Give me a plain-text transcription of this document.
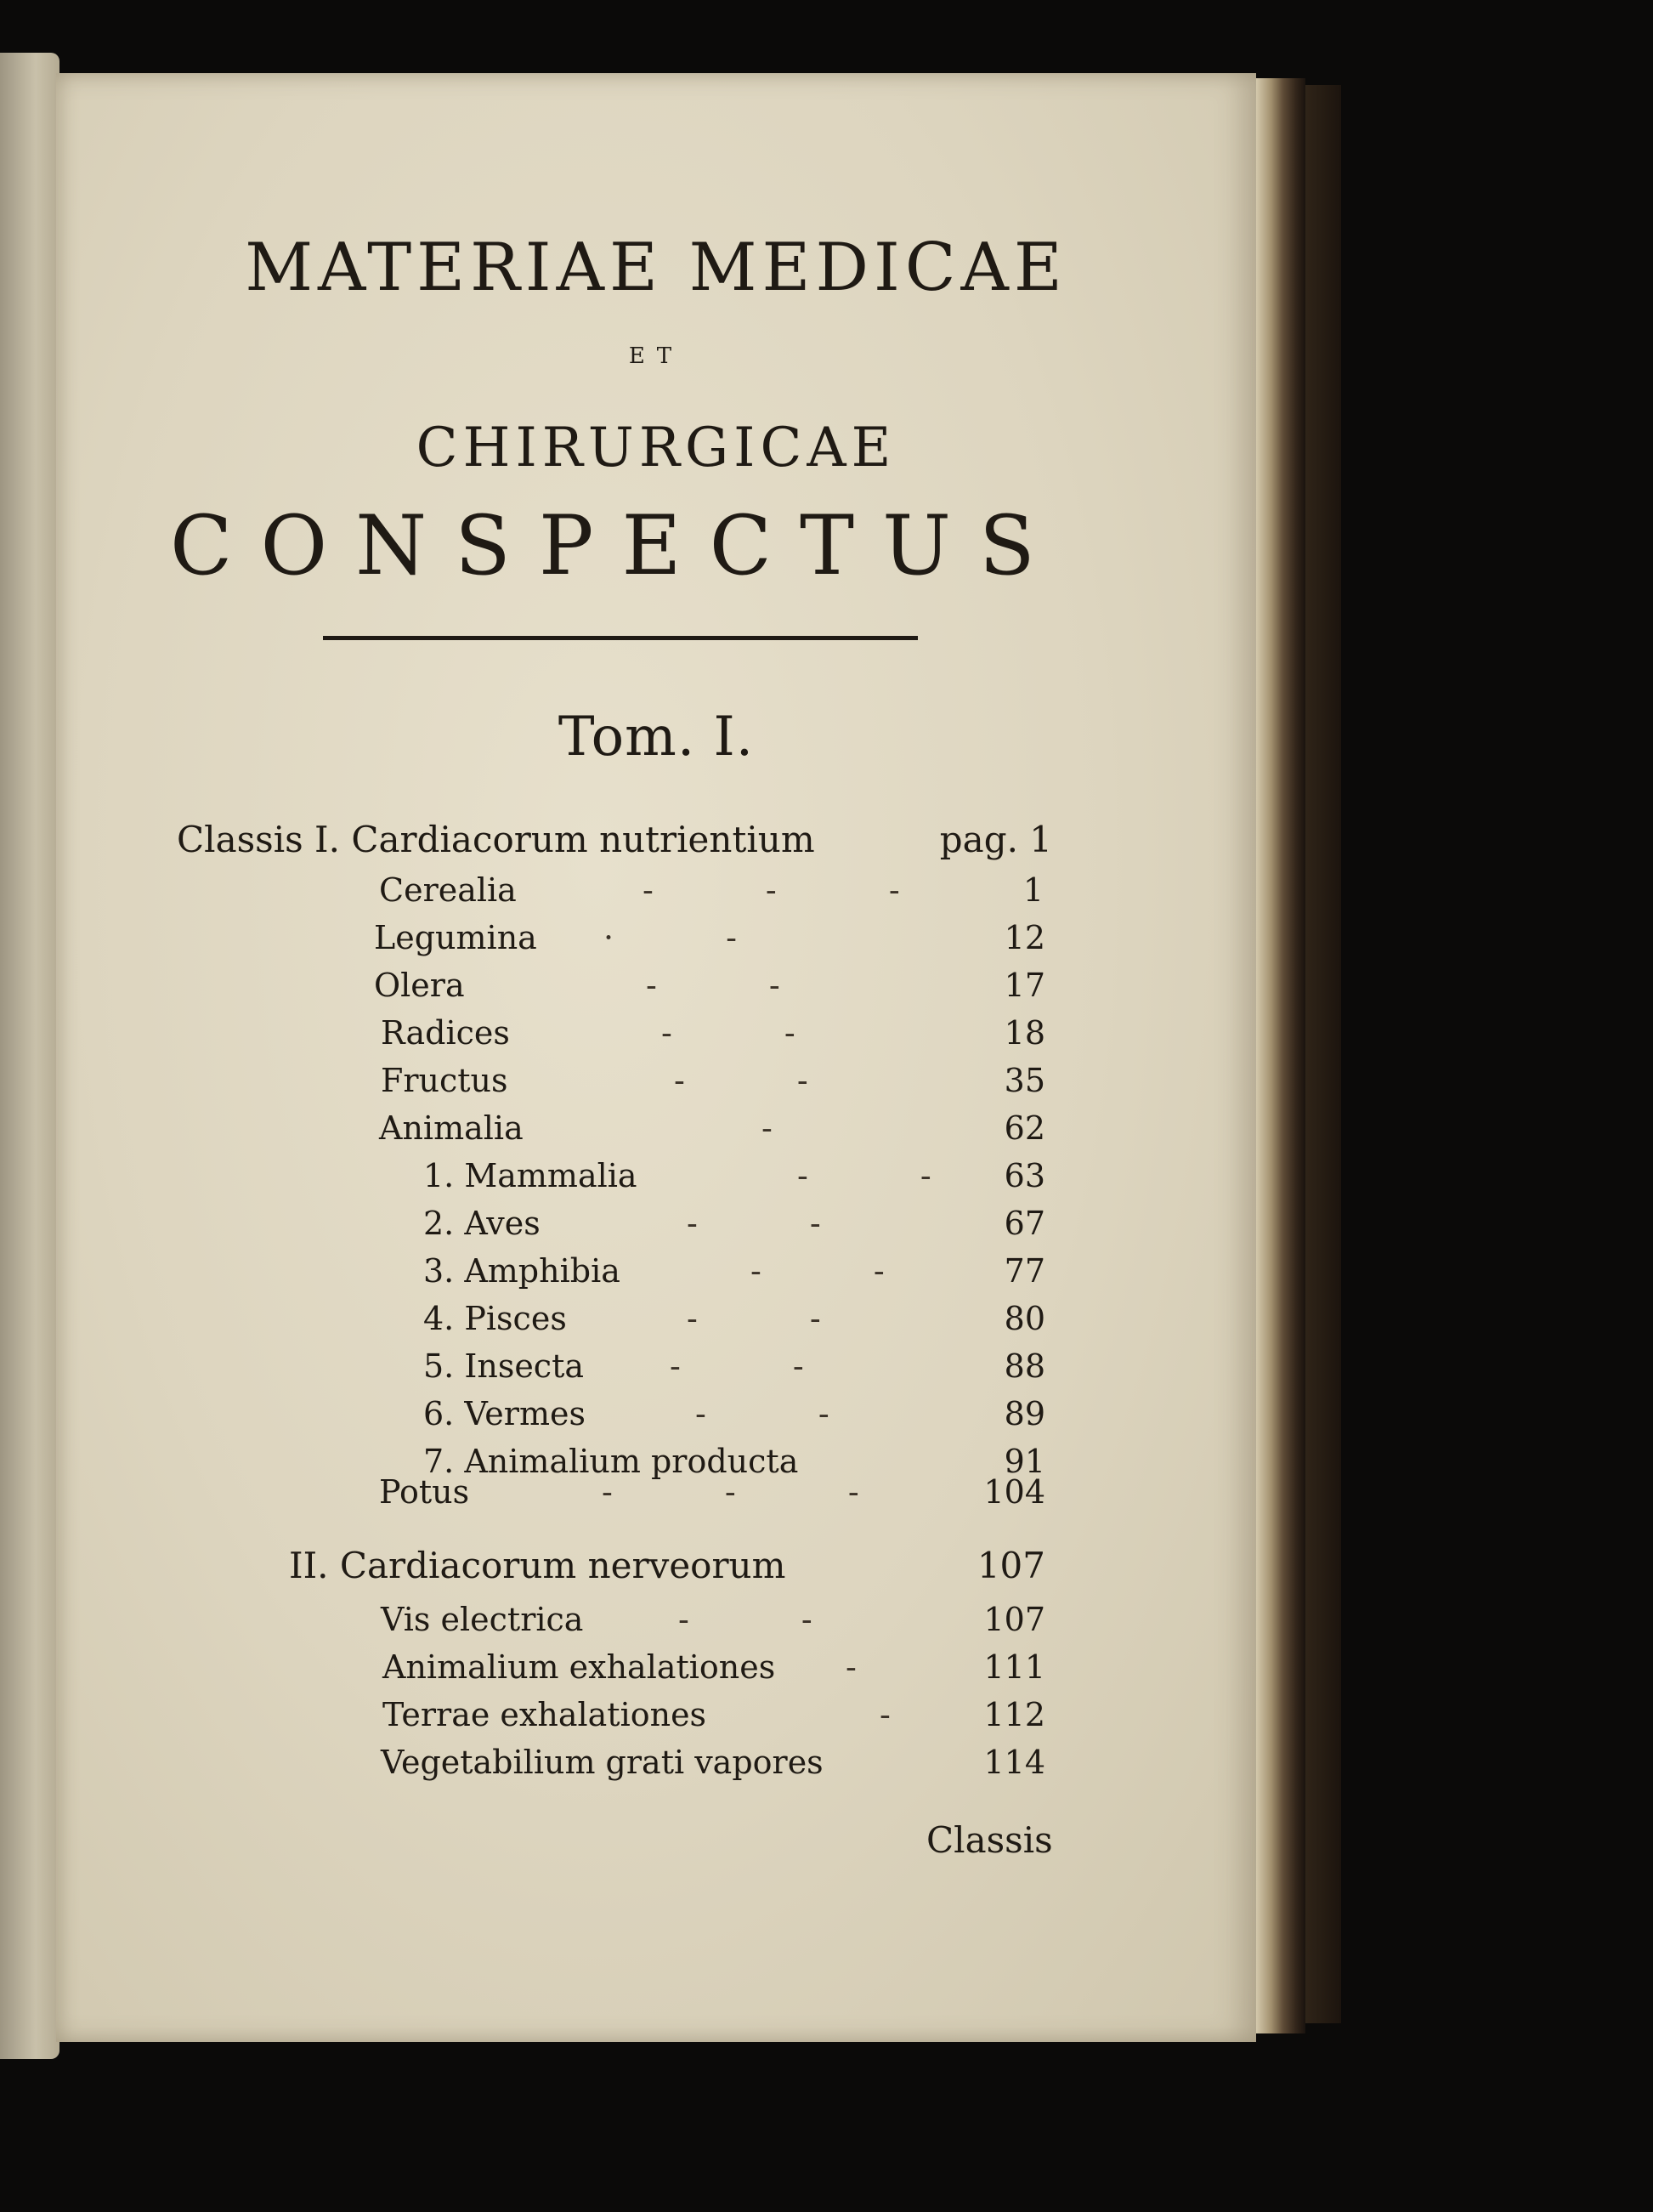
MATERIAE MEDICAE
ET
CHIRURGICAE
CONSPECTUS
Tom. I.
Classis I. Cardiacorum nutrientium	pag. 1
Cerealia	- - - 1
Legumina · -	12
Olera	- -	17
Radices	- -	18
Fructus	- -	35
Animalia	-	62
1. Mammalia	- - 63
2. Aves	- -	67
3. Amphibia	- - 77
4. Pisces	- -	80
5. Insecta	- -	88
6. Vermes	- -	89
7. Animalium producta	91
Potus	- - - 104
II. Cardiacorum nerveorum	107
Vis electrica	- -	107
Animalium exhalationes - 111
Terrae exhalationes	- 112
Vegetabilium grati vapores	114
Classis
